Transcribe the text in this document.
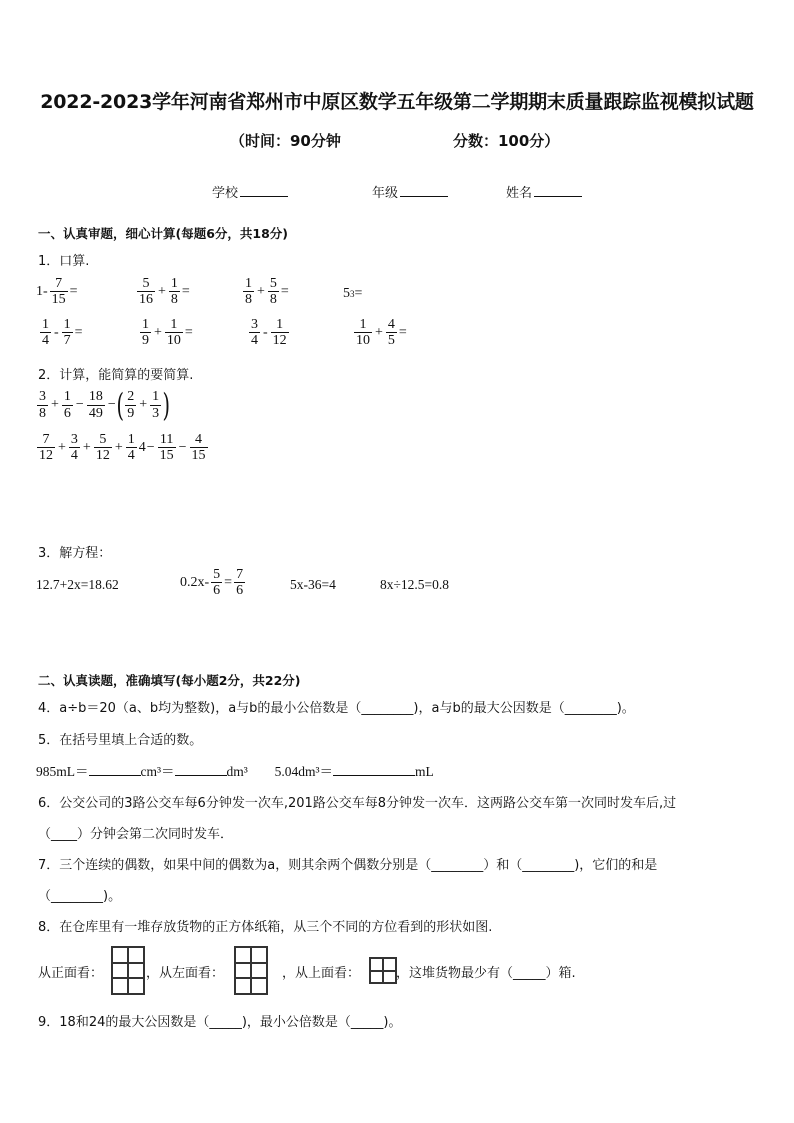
2022-2023学年河南省郑州市中原区数学五年级第二学期期末质量跟踪监视模拟试题
（时间：90分钟	分数：100分）
学校	年级	姓名
一、认真审题，细心计算(每题6分，共18分)
1．口算.
$1- \frac{7}{15}$ =	$\frac{5}{16} + \frac{1}{8}$ =	$\frac{1}{8} + \frac{5}{8}$ =	5 3 =
$\frac{1}{4} - \frac{1}{7}$ =	$\frac{1}{9} + \frac{1}{10}$ =	$\frac{3}{4} - \frac{1}{12}$	$\frac{1}{10} + \frac{4}{5}$ =
2．计算，能简算的要简算.
$\frac{3}{8} + \frac{1}{6} - \frac{18}{49}$ − ( $\frac{2}{9} + \frac{1}{3}$ )
$\frac{7}{12} + \frac{3}{4} + \frac{5}{12} + \frac{1}{4} 4 - \frac{11}{15} - \frac{4}{15}$
3．解方程：
12.7+2x=18.62	$0.2x- \frac{5}{6} = \frac{7}{6}$	5x-36=4	8x÷12.5=0.8
二、认真读题，准确填写(每小题2分，共22分)
4．a÷b＝20（a、b均为整数)，a与b的最小公倍数是（________)，a与b的最大公因数是（________)。
5．在括号里填上合适的数。
985mL＝	cm³＝	dm³ 5.04dm³＝	mL
6．公交公司的3路公交车每6分钟发一次车,201路公交车每8分钟发一次车．这两路公交车第一次同时发车后,过
（____）分钟会第二次同时发车．
7．三个连续的偶数，如果中间的偶数为a，则其余两个偶数分别是（________）和（________)，它们的和是
（________)。
8．在仓库里有一堆存放货物的正方体纸箱，从三个不同的方位看到的形状如图.
从正面看：	，从左面看：	，从上面看：	，这堆货物最少有（_____）箱.
9．18和24的最大公因数是（_____)，最小公倍数是（_____)。
